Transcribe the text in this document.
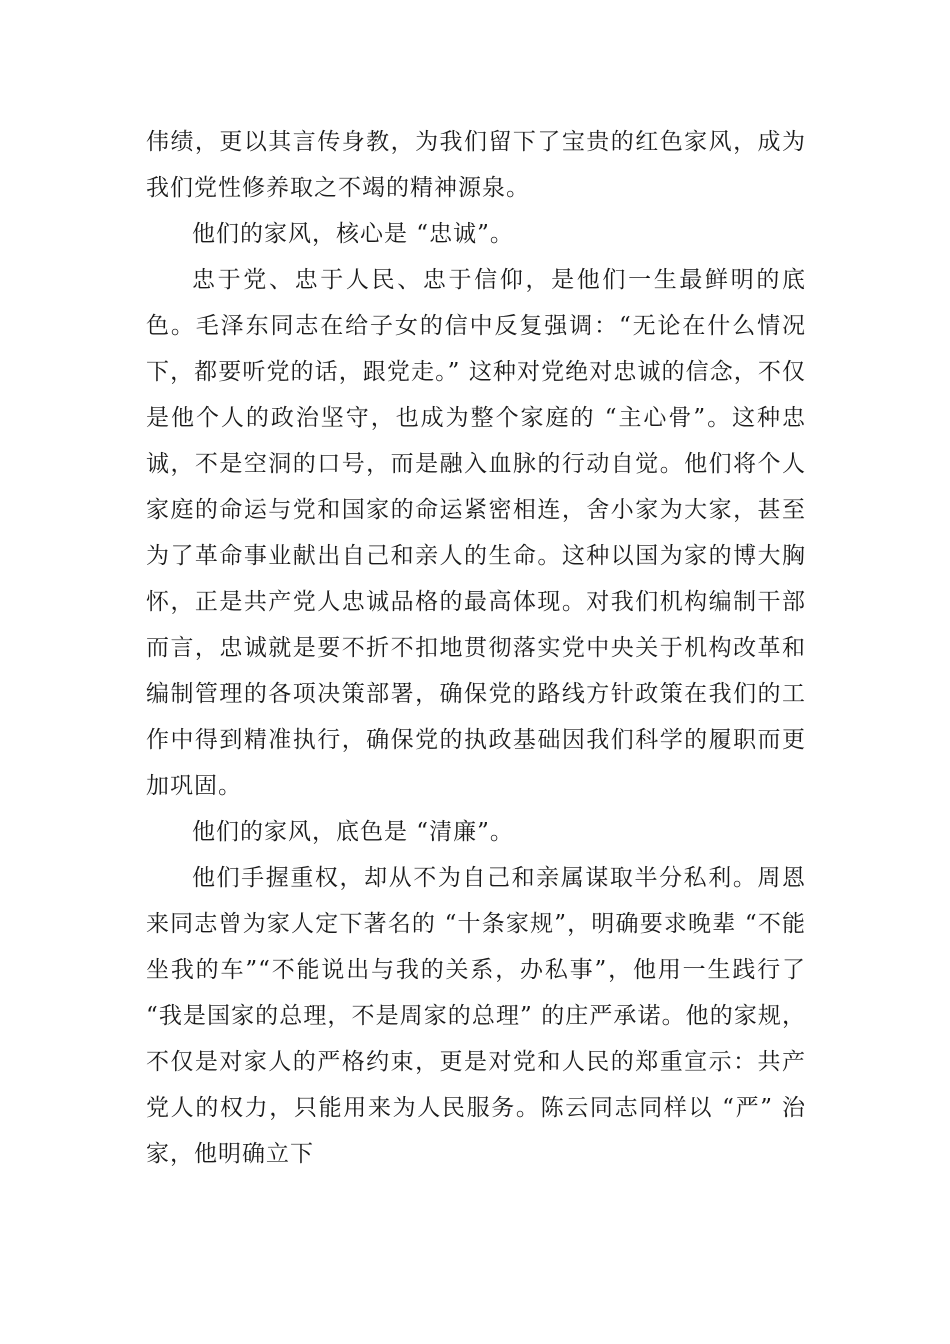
伟绩，更以其言传身教，为我们留下了宝贵的红色家风，成为我们党性修养取之不竭的精神源泉。

他们的家风，核心是 “忠诚”。

忠于党、忠于人民、忠于信仰，是他们一生最鲜明的底色。毛泽东同志在给子女的信中反复强调：“无论在什么情况下，都要听党的话，跟党走。” 这种对党绝对忠诚的信念，不仅是他个人的政治坚守，也成为整个家庭的 “主心骨”。这种忠诚，不是空洞的口号，而是融入血脉的行动自觉。他们将个人家庭的命运与党和国家的命运紧密相连，舍小家为大家，甚至为了革命事业献出自己和亲人的生命。这种以国为家的博大胸怀，正是共产党人忠诚品格的最高体现。对我们机构编制干部而言，忠诚就是要不折不扣地贯彻落实党中央关于机构改革和编制管理的各项决策部署，确保党的路线方针政策在我们的工作中得到精准执行，确保党的执政基础因我们科学的履职而更加巩固。

他们的家风，底色是 “清廉”。

他们手握重权，却从不为自己和亲属谋取半分私利。周恩来同志曾为家人定下著名的 “十条家规”，明确要求晚辈 “不能坐我的车”“不能说出与我的关系，办私事”，他用一生践行了 “我是国家的总理，不是周家的总理” 的庄严承诺。他的家规，不仅是对家人的严格约束，更是对党和人民的郑重宣示：共产党人的权力，只能用来为人民服务。陈云同志同样以 “严” 治家，他明确立下
